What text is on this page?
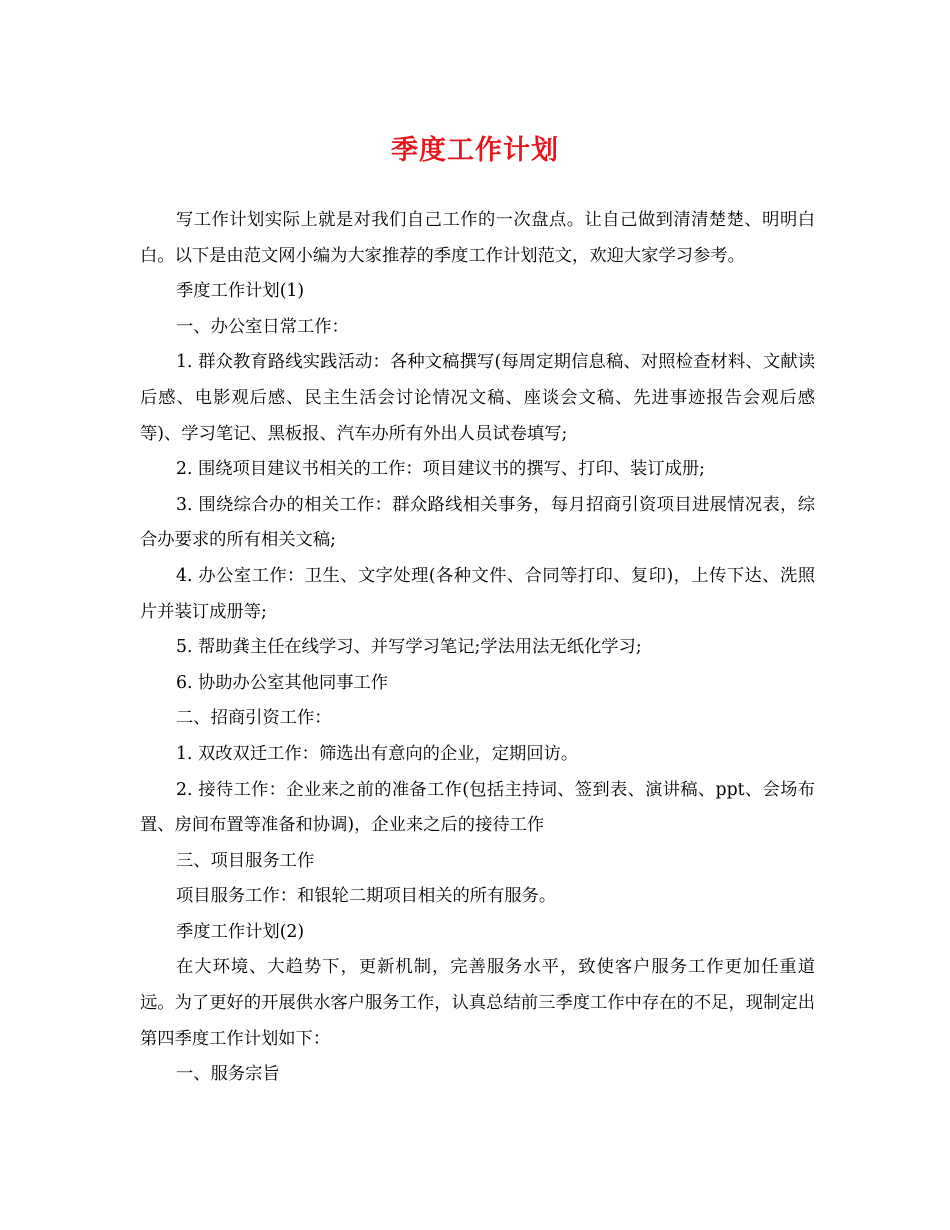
季度工作计划

写工作计划实际上就是对我们自己工作的一次盘点。让自己做到清清楚楚、明明白白。以下是由范文网小编为大家推荐的季度工作计划范文，欢迎大家学习参考。

季度工作计划(1)

一、办公室日常工作：

1. 群众教育路线实践活动：各种文稿撰写(每周定期信息稿、对照检查材料、文献读后感、电影观后感、民主生活会讨论情况文稿、座谈会文稿、先进事迹报告会观后感等)、学习笔记、黑板报、汽车办所有外出人员试卷填写;

2. 围绕项目建议书相关的工作：项目建议书的撰写、打印、装订成册;

3. 围绕综合办的相关工作：群众路线相关事务，每月招商引资项目进展情况表，综合办要求的所有相关文稿;

4. 办公室工作：卫生、文字处理(各种文件、合同等打印、复印)，上传下达、洗照片并装订成册等;

5. 帮助龚主任在线学习、并写学习笔记;学法用法无纸化学习;

6. 协助办公室其他同事工作

二、招商引资工作：

1. 双改双迁工作：筛选出有意向的企业，定期回访。

2. 接待工作：企业来之前的准备工作(包括主持词、签到表、演讲稿、ppt、会场布置、房间布置等准备和协调)，企业来之后的接待工作

三、项目服务工作

项目服务工作：和银轮二期项目相关的所有服务。

季度工作计划(2)

在大环境、大趋势下，更新机制，完善服务水平，致使客户服务工作更加任重道远。为了更好的开展供水客户服务工作，认真总结前三季度工作中存在的不足，现制定出第四季度工作计划如下：

一、服务宗旨
